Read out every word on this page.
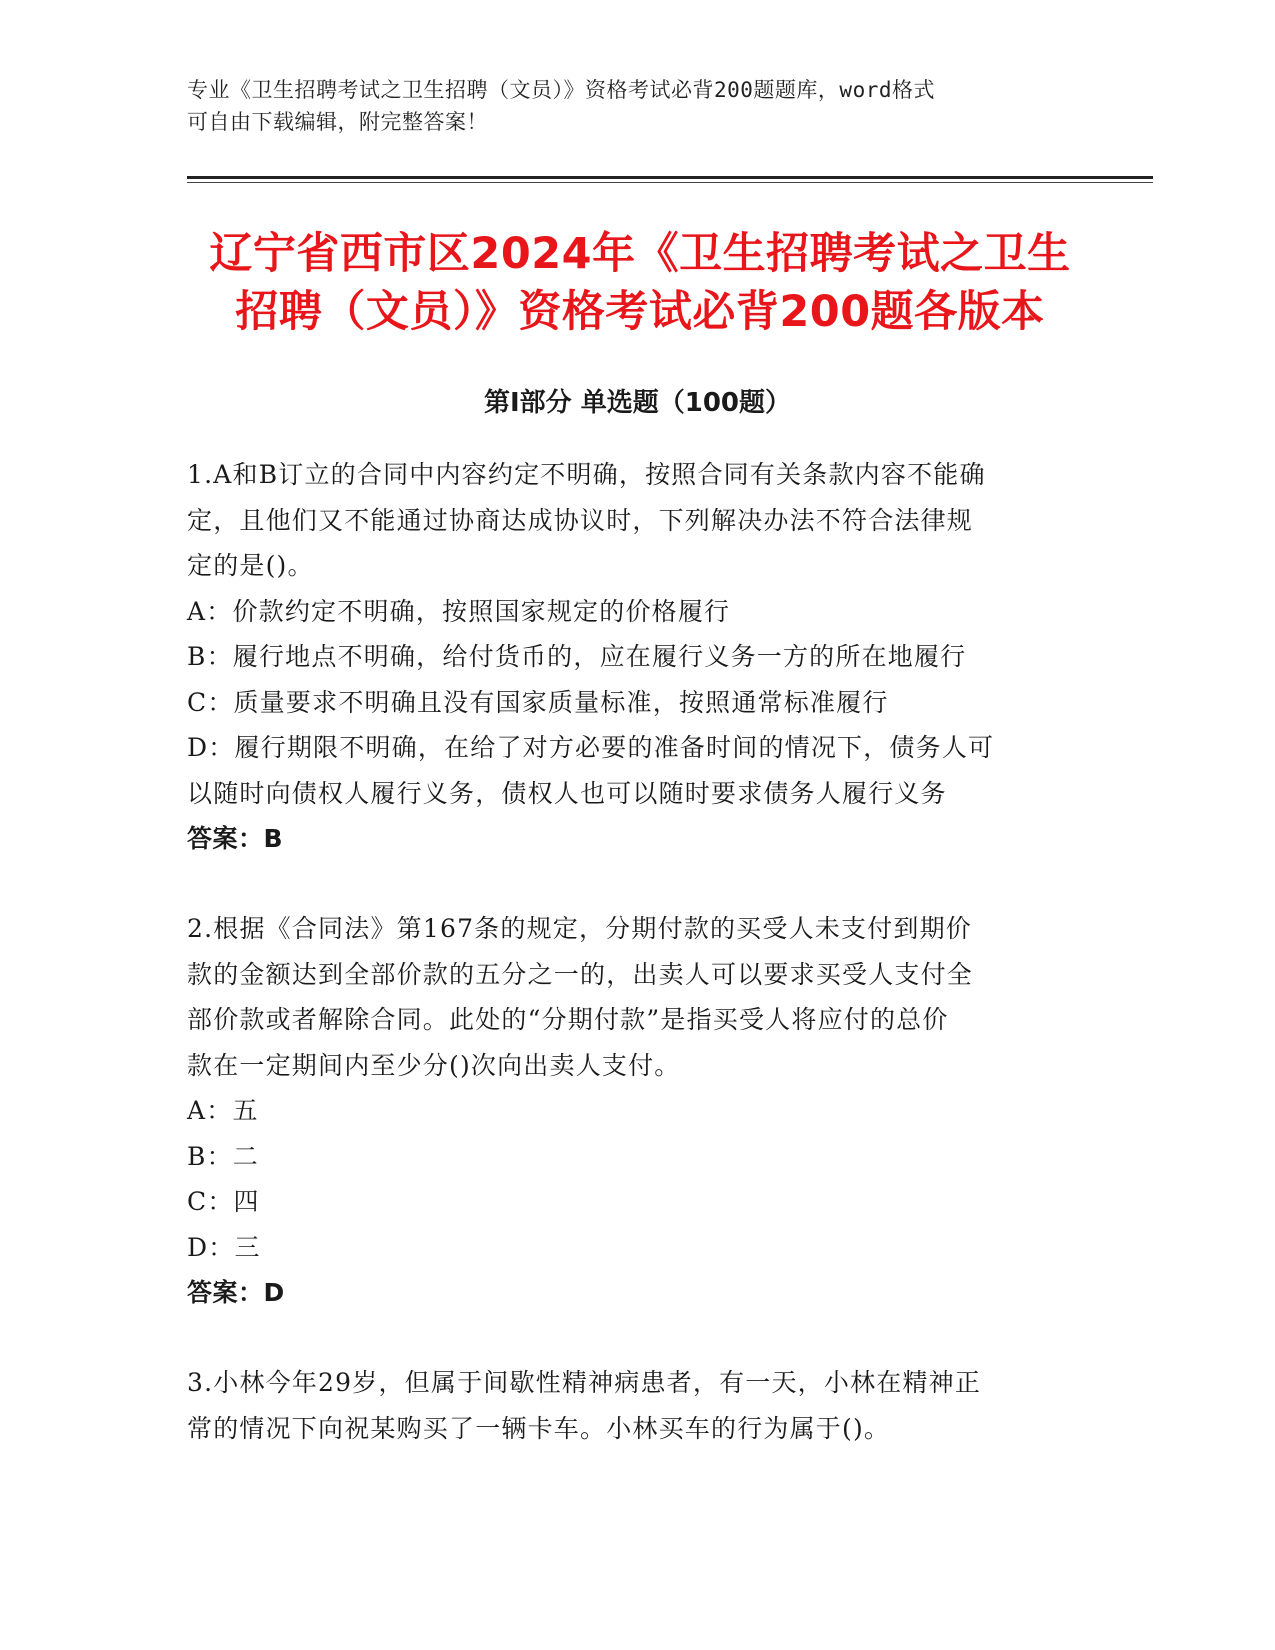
专业《卫生招聘考试之卫生招聘（文员）》资格考试必背200题题库，word格式
可自由下载编辑，附完整答案！
辽宁省西市区2024年《卫生招聘考试之卫生
招聘（文员）》资格考试必背200题各版本
第Ⅰ部分 单选题（100题）
1.A和B订立的合同中内容约定不明确，按照合同有关条款内容不能确
定，且他们又不能通过协商达成协议时，下列解决办法不符合法律规
定的是()。
A：价款约定不明确，按照国家规定的价格履行
B：履行地点不明确，给付货币的，应在履行义务一方的所在地履行
C：质量要求不明确且没有国家质量标准，按照通常标准履行
D：履行期限不明确，在给了对方必要的准备时间的情况下，债务人可
以随时向债权人履行义务，债权人也可以随时要求债务人履行义务
答案：B
2.根据《合同法》第167条的规定，分期付款的买受人未支付到期价
款的金额达到全部价款的五分之一的，出卖人可以要求买受人支付全
部价款或者解除合同。此处的“分期付款”是指买受人将应付的总价
款在一定期间内至少分()次向出卖人支付。
A：五
B：二
C：四
D：三
答案：D
3.小林今年29岁，但属于间歇性精神病患者，有一天，小林在精神正
常的情况下向祝某购买了一辆卡车。小林买车的行为属于()。
